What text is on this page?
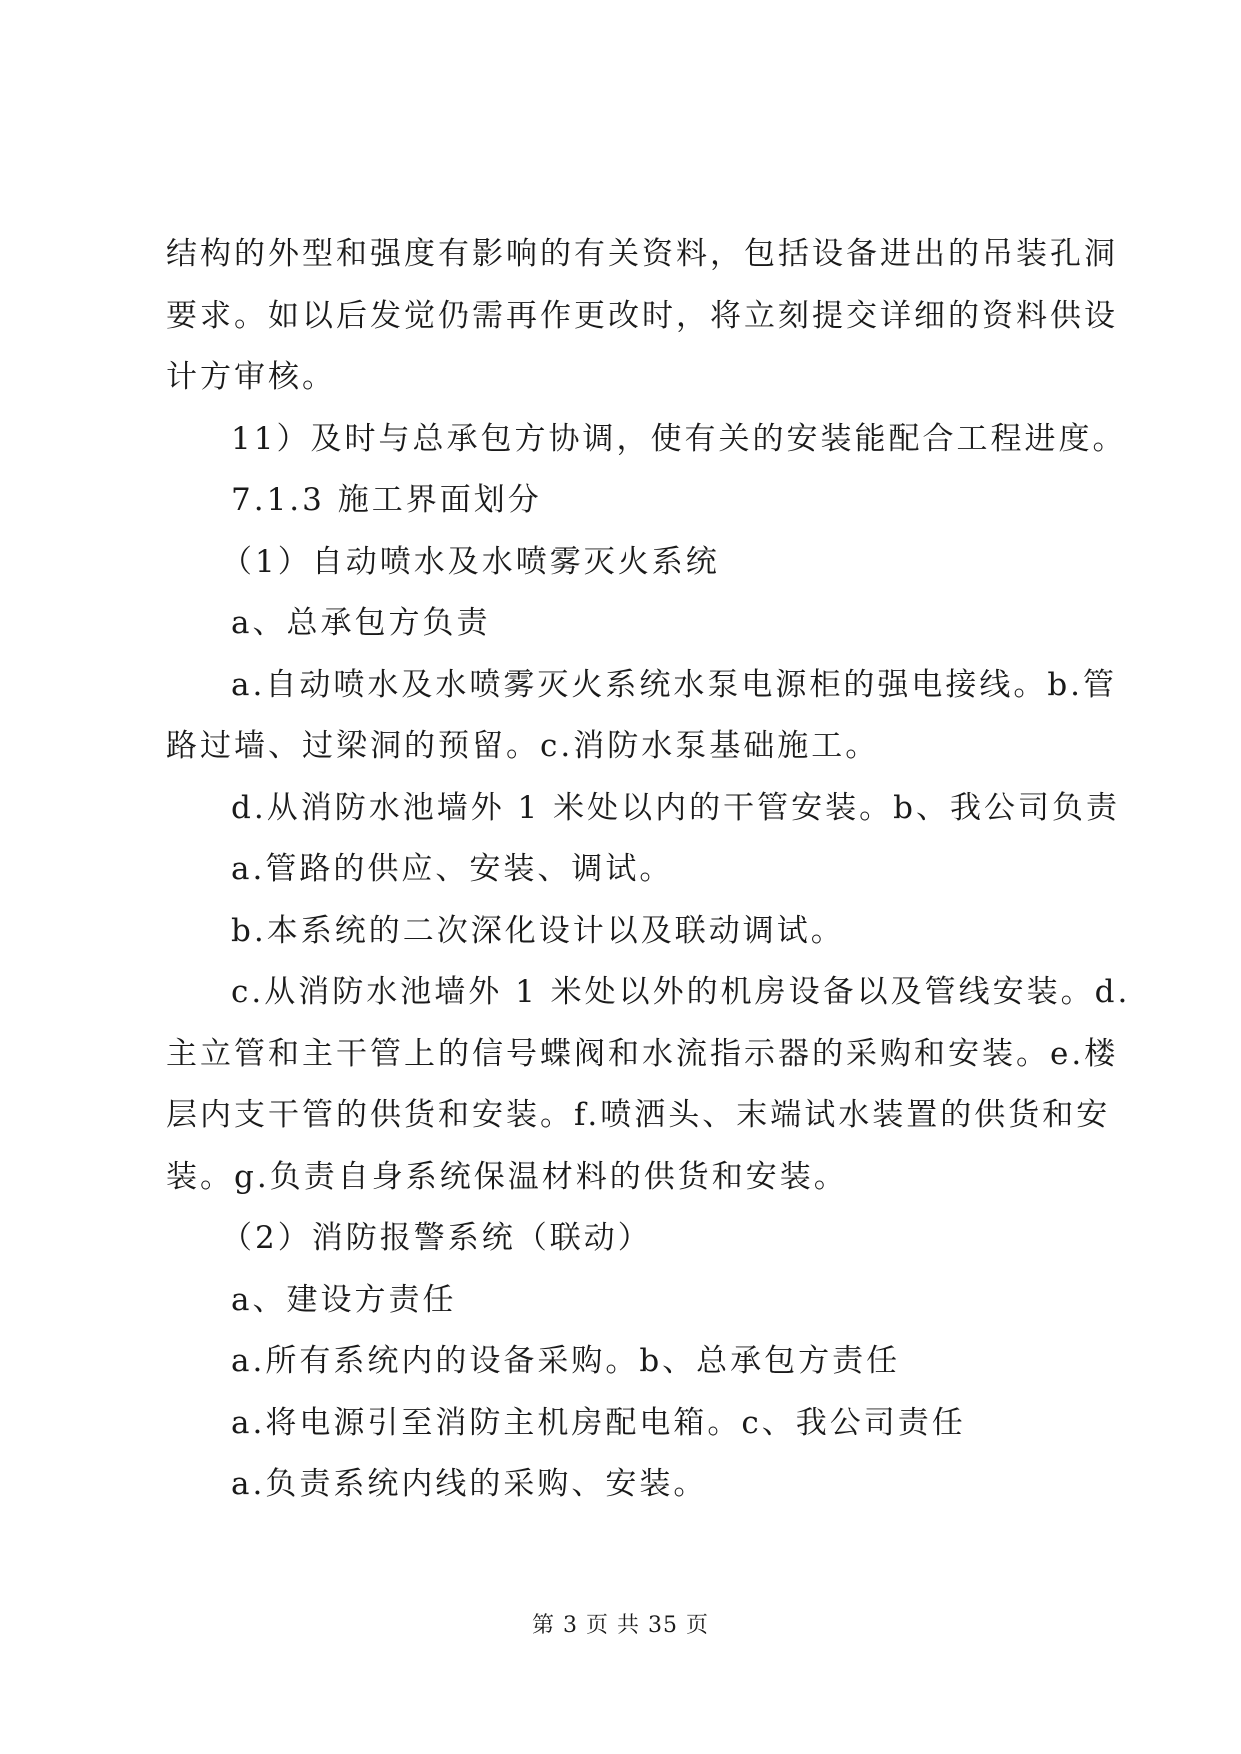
结构的外型和强度有影响的有关资料，包括设备进出的吊装孔洞
要求。如以后发觉仍需再作更改时，将立刻提交详细的资料供设
计方审核。
11）及时与总承包方协调，使有关的安装能配合工程进度。
7.1.3 施工界面划分
（1）自动喷水及水喷雾灭火系统
a、总承包方负责
a.自动喷水及水喷雾灭火系统水泵电源柜的强电接线。b.管
路过墙、过梁洞的预留。c.消防水泵基础施工。
d.从消防水池墙外 1 米处以内的干管安装。b、我公司负责
a.管路的供应、安装、调试。
b.本系统的二次深化设计以及联动调试。
c.从消防水池墙外 1 米处以外的机房设备以及管线安装。d.
主立管和主干管上的信号蝶阀和水流指示器的采购和安装。e.楼
层内支干管的供货和安装。f.喷洒头、末端试水装置的供货和安
装。g.负责自身系统保温材料的供货和安装。
（2）消防报警系统（联动）
a、建设方责任
a.所有系统内的设备采购。b、总承包方责任
a.将电源引至消防主机房配电箱。c、我公司责任
a.负责系统内线的采购、安装。
第 3 页 共 35 页
